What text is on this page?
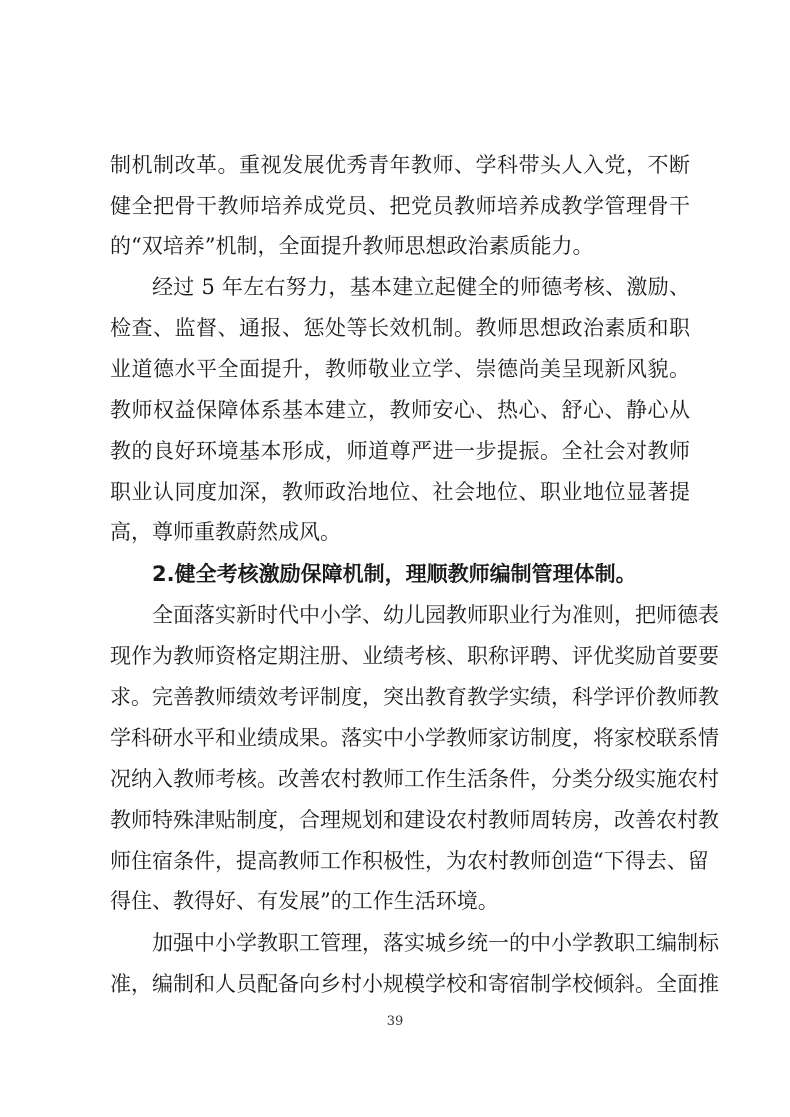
制机制改革。重视发展优秀青年教师、学科带头人入党，不断
健全把骨干教师培养成党员、把党员教师培养成教学管理骨干
的“双培养”机制，全面提升教师思想政治素质能力。
经过 5 年左右努力，基本建立起健全的师德考核、激励、
检查、监督、通报、惩处等长效机制。教师思想政治素质和职
业道德水平全面提升，教师敬业立学、崇德尚美呈现新风貌。
教师权益保障体系基本建立，教师安心、热心、舒心、静心从
教的良好环境基本形成，师道尊严进一步提振。全社会对教师
职业认同度加深，教师政治地位、社会地位、职业地位显著提
高，尊师重教蔚然成风。
2.健全考核激励保障机制，理顺教师编制管理体制。
全面落实新时代中小学、幼儿园教师职业行为准则，把师德表
现作为教师资格定期注册、业绩考核、职称评聘、评优奖励首要要
求。完善教师绩效考评制度，突出教育教学实绩，科学评价教师教
学科研水平和业绩成果。落实中小学教师家访制度，将家校联系情
况纳入教师考核。改善农村教师工作生活条件，分类分级实施农村
教师特殊津贴制度，合理规划和建设农村教师周转房，改善农村教
师住宿条件，提高教师工作积极性，为农村教师创造“下得去、留
得住、教得好、有发展”的工作生活环境。
加强中小学教职工管理，落实城乡统一的中小学教职工编制标
准，编制和人员配备向乡村小规模学校和寄宿制学校倾斜。全面推
39
